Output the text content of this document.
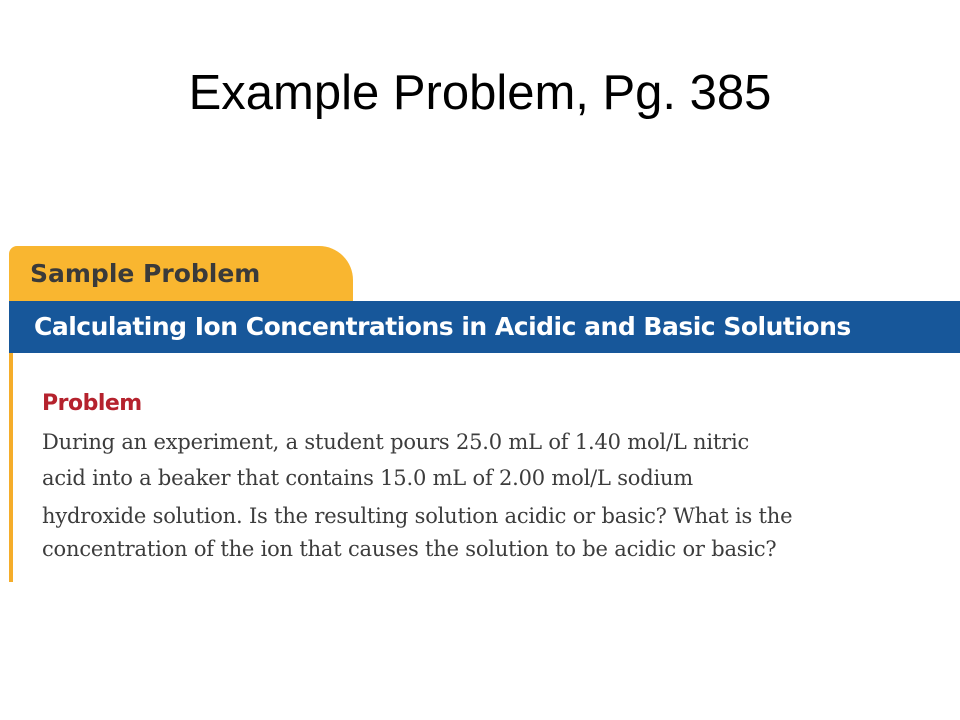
Example Problem, Pg. 385
Sample Problem
Calculating Ion Concentrations in Acidic and Basic Solutions
Problem
During an experiment, a student pours 25.0 mL of 1.40 mol/L nitric
acid into a beaker that contains 15.0 mL of 2.00 mol/L sodium
hydroxide solution. Is the resulting solution acidic or basic? What is the
concentration of the ion that causes the solution to be acidic or basic?
